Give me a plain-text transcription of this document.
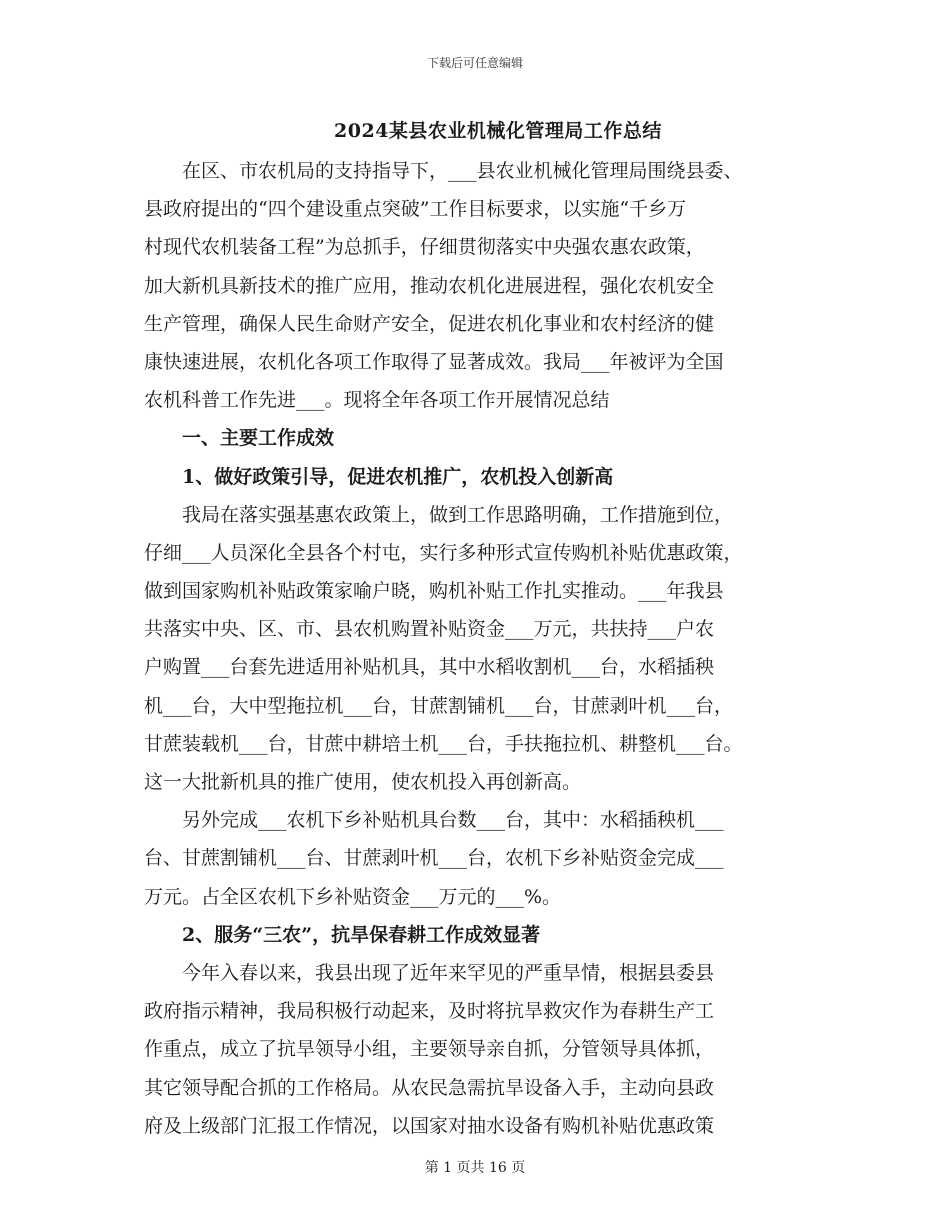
下载后可任意编辑
2024某县农业机械化管理局工作总结
在区、市农机局的支持指导下，___县农业机械化管理局围绕县委、
县政府提出的“四个建设重点突破”工作目标要求，以实施“千乡万
村现代农机装备工程”为总抓手，仔细贯彻落实中央强农惠农政策，
加大新机具新技术的推广应用，推动农机化进展进程，强化农机安全
生产管理，确保人民生命财产安全，促进农机化事业和农村经济的健
康快速进展，农机化各项工作取得了显著成效。我局___年被评为全国
农机科普工作先进___。现将全年各项工作开展情况总结
一、主要工作成效
1、做好政策引导，促进农机推广，农机投入创新高
我局在落实强基惠农政策上，做到工作思路明确，工作措施到位，
仔细___人员深化全县各个村屯，实行多种形式宣传购机补贴优惠政策，
做到国家购机补贴政策家喻户晓，购机补贴工作扎实推动。___年我县
共落实中央、区、市、县农机购置补贴资金___万元，共扶持___户农
户购置___台套先进适用补贴机具，其中水稻收割机___台，水稻插秧
机___台，大中型拖拉机___台，甘蔗割铺机___台，甘蔗剥叶机___台，
甘蔗装载机___台，甘蔗中耕培土机___台，手扶拖拉机、耕整机___台。
这一大批新机具的推广使用，使农机投入再创新高。
另外完成___农机下乡补贴机具台数___台，其中：水稻插秧机___
台、甘蔗割铺机___台、甘蔗剥叶机___台，农机下乡补贴资金完成___
万元。占全区农机下乡补贴资金___万元的___%。
2、服务“三农”，抗旱保春耕工作成效显著
今年入春以来，我县出现了近年来罕见的严重旱情，根据县委县
政府指示精神，我局积极行动起来，及时将抗旱救灾作为春耕生产工
作重点，成立了抗旱领导小组，主要领导亲自抓，分管领导具体抓，
其它领导配合抓的工作格局。从农民急需抗旱设备入手，主动向县政
府及上级部门汇报工作情况，以国家对抽水设备有购机补贴优惠政策
第 1 页共 16 页
